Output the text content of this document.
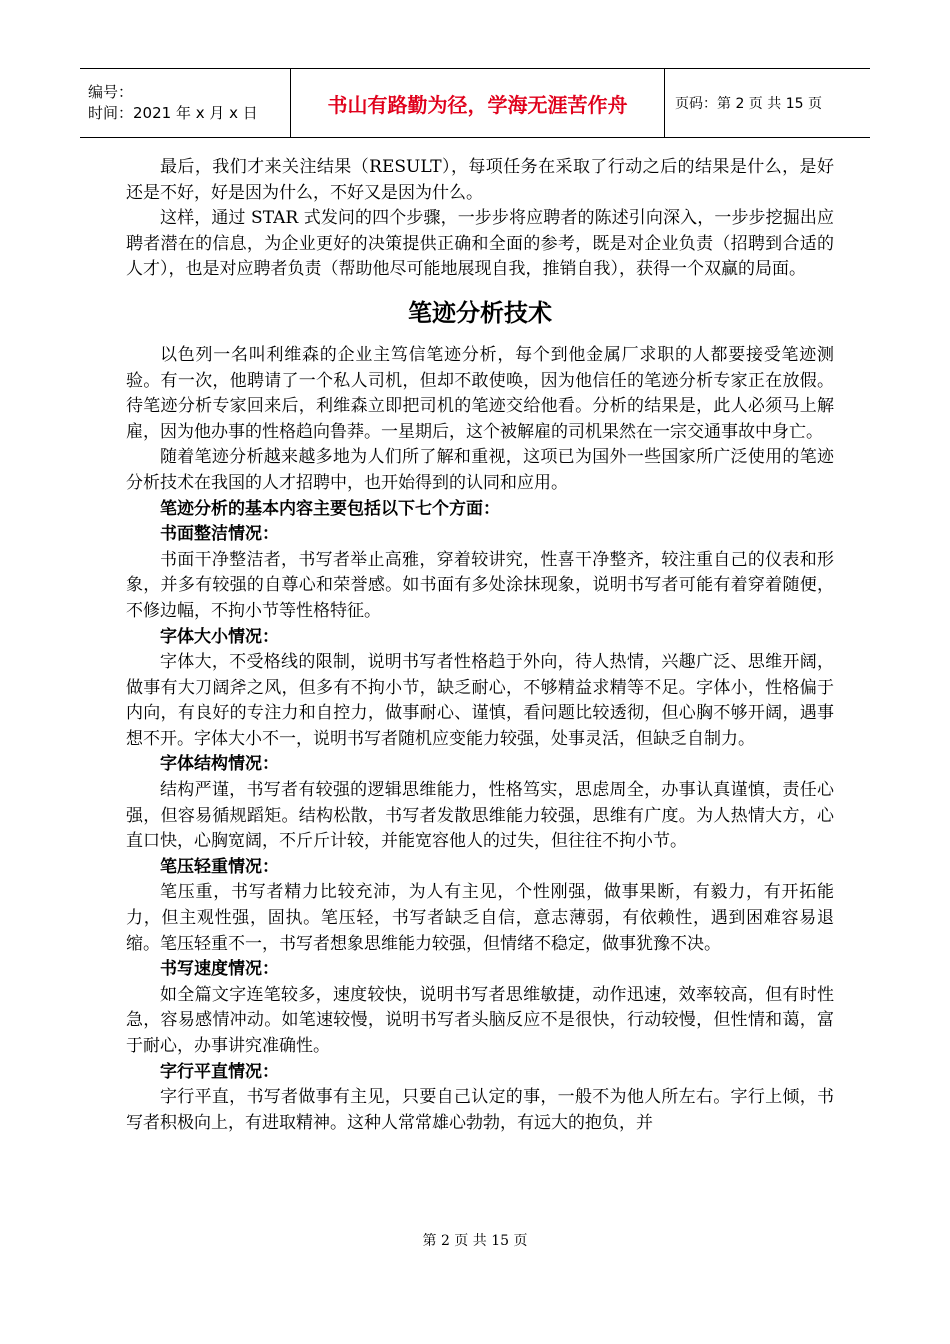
编号：
时间：2021 年 x 月 x 日	书山有路勤为径，学海无涯苦作舟	页码：第 2 页 共 15 页

最后，我们才来关注结果（RESULT），每项任务在采取了行动之后的结果是什么，是好还是不好，好是因为什么，不好又是因为什么。

这样，通过 STAR 式发问的四个步骤，一步步将应聘者的陈述引向深入，一步步挖掘出应聘者潜在的信息，为企业更好的决策提供正确和全面的参考，既是对企业负责（招聘到合适的人才），也是对应聘者负责（帮助他尽可能地展现自我，推销自我），获得一个双赢的局面。

笔迹分析技术

以色列一名叫利维森的企业主笃信笔迹分析，每个到他金属厂求职的人都要接受笔迹测验。有一次，他聘请了一个私人司机，但却不敢使唤，因为他信任的笔迹分析专家正在放假。待笔迹分析专家回来后，利维森立即把司机的笔迹交给他看。分析的结果是，此人必须马上解雇，因为他办事的性格趋向鲁莽。一星期后，这个被解雇的司机果然在一宗交通事故中身亡。

随着笔迹分析越来越多地为人们所了解和重视，这项已为国外一些国家所广泛使用的笔迹分析技术在我国的人才招聘中，也开始得到的认同和应用。

笔迹分析的基本内容主要包括以下七个方面：
书面整洁情况：

书面干净整洁者，书写者举止高雅，穿着较讲究，性喜干净整齐，较注重自己的仪表和形象，并多有较强的自尊心和荣誉感。如书面有多处涂抹现象，说明书写者可能有着穿着随便，不修边幅，不拘小节等性格特征。

字体大小情况：

字体大，不受格线的限制，说明书写者性格趋于外向，待人热情，兴趣广泛、思维开阔，做事有大刀阔斧之风，但多有不拘小节，缺乏耐心，不够精益求精等不足。字体小，性格偏于内向，有良好的专注力和自控力，做事耐心、谨慎，看问题比较透彻，但心胸不够开阔，遇事想不开。字体大小不一，说明书写者随机应变能力较强，处事灵活，但缺乏自制力。

字体结构情况：

结构严谨，书写者有较强的逻辑思维能力，性格笃实，思虑周全，办事认真谨慎，责任心强，但容易循规蹈矩。结构松散，书写者发散思维能力较强，思维有广度。为人热情大方，心直口快，心胸宽阔，不斤斤计较，并能宽容他人的过失，但往往不拘小节。

笔压轻重情况：

笔压重，书写者精力比较充沛，为人有主见，个性刚强，做事果断，有毅力，有开拓能力，但主观性强，固执。笔压轻，书写者缺乏自信，意志薄弱，有依赖性，遇到困难容易退缩。笔压轻重不一，书写者想象思维能力较强，但情绪不稳定，做事犹豫不决。

书写速度情况：

如全篇文字连笔较多，速度较快，说明书写者思维敏捷，动作迅速，效率较高，但有时性急，容易感情冲动。如笔速较慢，说明书写者头脑反应不是很快，行动较慢，但性情和蔼，富于耐心，办事讲究准确性。

字行平直情况：

字行平直，书写者做事有主见，只要自己认定的事，一般不为他人所左右。字行上倾，书写者积极向上，有进取精神。这种人常常雄心勃勃，有远大的抱负，并

第 2 页 共 15 页
